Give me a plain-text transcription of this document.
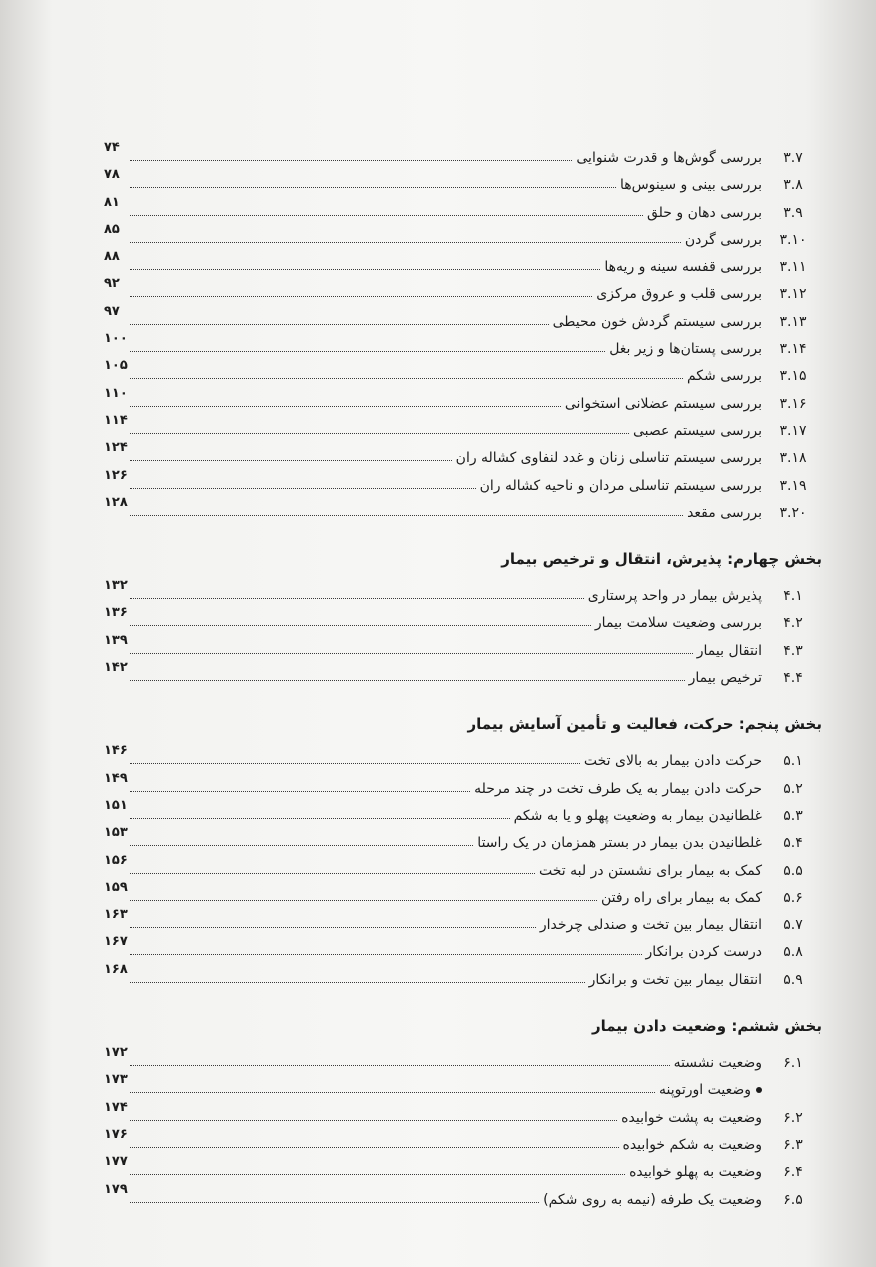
۳.۷
بررسی گوش‌ها و قدرت شنوایی
۷۴
۳.۸
بررسی بینی و سینوس‌ها
۷۸
۳.۹
بررسی دهان و حلق
۸۱
۳.۱۰
بررسی گردن
۸۵
۳.۱۱
بررسی قفسه سینه و ریه‌ها
۸۸
۳.۱۲
بررسی قلب و عروق مرکزی
۹۲
۳.۱۳
بررسی سیستم گردش خون محیطی
۹۷
۳.۱۴
بررسی پستان‌ها و زیر بغل
۱۰۰
۳.۱۵
بررسی شکم
۱۰۵
۳.۱۶
بررسی سیستم عضلانی استخوانی
۱۱۰
۳.۱۷
بررسی سیستم عصبی
۱۱۴
۳.۱۸
بررسی سیستم تناسلی زنان و غدد لنفاوی کشاله ران
۱۲۴
۳.۱۹
بررسی سیستم تناسلی مردان و ناحیه کشاله ران
۱۲۶
۳.۲۰
بررسی مقعد
۱۲۸
بخش چهارم: پذیرش، انتقال و ترخیص بیمار
۴.۱
پذیرش بیمار در واحد پرستاری
۱۳۲
۴.۲
بررسی وضعیت سلامت بیمار
۱۳۶
۴.۳
انتقال بیمار
۱۳۹
۴.۴
ترخیص بیمار
۱۴۲
بخش پنجم: حرکت، فعالیت و تأمین آسایش بیمار
۵.۱
حرکت دادن بیمار به بالای تخت
۱۴۶
۵.۲
حرکت دادن بیمار به یک طرف تخت در چند مرحله
۱۴۹
۵.۳
غلطانیدن بیمار به وضعیت پهلو و یا به شکم
۱۵۱
۵.۴
غلطانیدن بدن بیمار در بستر همزمان در یک راستا
۱۵۳
۵.۵
کمک به بیمار برای نشستن در لبه تخت
۱۵۶
۵.۶
کمک به بیمار برای راه رفتن
۱۵۹
۵.۷
انتقال بیمار بین تخت و صندلی چرخدار
۱۶۳
۵.۸
درست کردن برانکار
۱۶۷
۵.۹
انتقال بیمار بین تخت و برانکار
۱۶۸
بخش ششم: وضعیت دادن بیمار
۶.۱
وضعیت نشسته
۱۷۲
وضعیت اورتوپنه
۱۷۳
۶.۲
وضعیت به پشت خوابیده
۱۷۴
۶.۳
وضعیت به شکم خوابیده
۱۷۶
۶.۴
وضعیت به پهلو خوابیده
۱۷۷
۶.۵
وضعیت یک طرفه (نیمه به روی شکم)
۱۷۹
